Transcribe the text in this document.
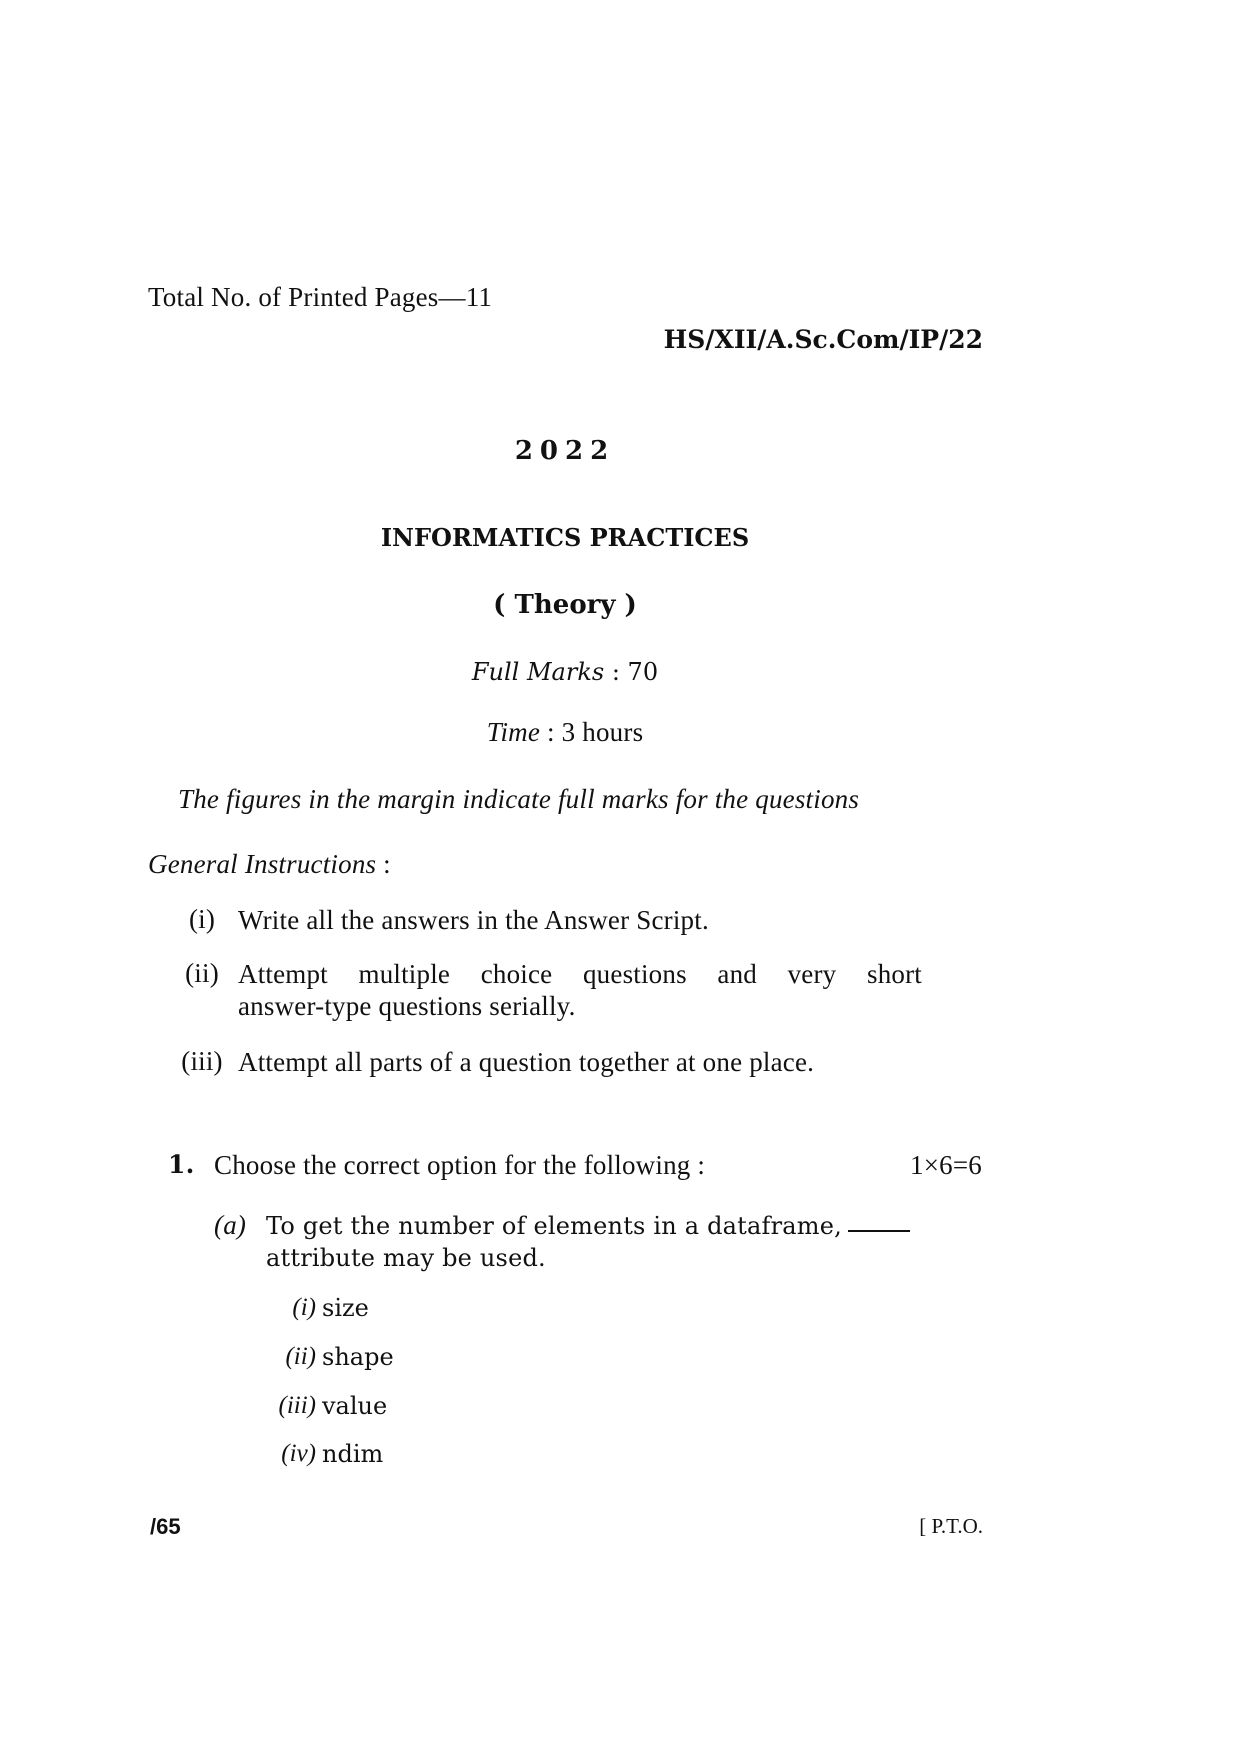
Total No. of Printed Pages—11
HS/XII/A.Sc.Com/IP/22
2022
INFORMATICS PRACTICES
( Theory )
Full Marks : 70
Time : 3 hours
The figures in the margin indicate full marks for the questions
General Instructions :
(i) Write all the answers in the Answer Script.
(ii) Attempt multiple choice questions and very short
answer-type questions serially.
(iii) Attempt all parts of a question together at one place.
1. Choose the correct option for the following :	1×6=6
(a) To get the number of elements in a dataframe,
attribute may be used.
(i) size
(ii) shape
(iii) value
(iv) ndim
/65	[ P.T.O.
